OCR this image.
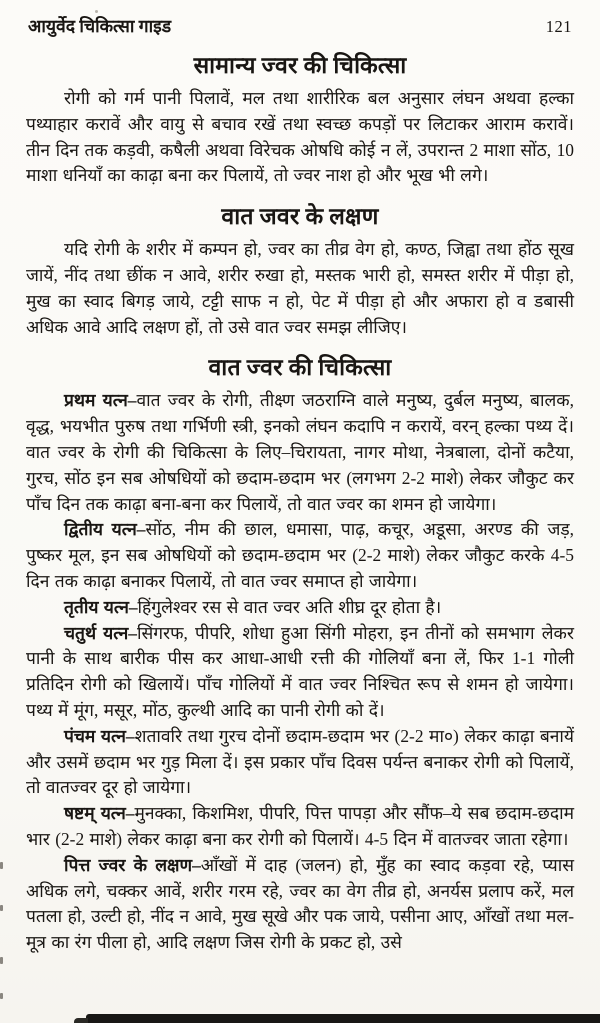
आयुर्वेद चिकित्सा गाइड	121
सामान्य ज्वर की चिकित्सा

रोगी को गर्म पानी पिलावें, मल तथा शारीरिक बल अनुसार लंघन अथवा हल्का पथ्याहार करावें और वायु से बचाव रखें तथा स्वच्छ कपड़ों पर लिटाकर आराम करावें। तीन दिन तक कड़वी, कषैली अथवा विरेचक ओषधि कोई न लें, उपरान्त 2 माशा सोंठ, 10 माशा धनियाँ का काढ़ा बना कर पिलायें, तो ज्वर नाश हो और भूख भी लगे।

वात जवर के लक्षण

यदि रोगी के शरीर में कम्पन हो, ज्वर का तीव्र वेग हो, कण्ठ, जिह्वा तथा होंठ सूख जायें, नींद तथा छींक न आवे, शरीर रुखा हो, मस्तक भारी हो, समस्त शरीर में पीड़ा हो, मुख का स्वाद बिगड़ जाये, टट्टी साफ न हो, पेट में पीड़ा हो और अफारा हो व डबासी अधिक आवे आदि लक्षण हों, तो उसे वात ज्वर समझ लीजिए।

वात ज्वर की चिकित्सा

प्रथम यत्न–वात ज्वर के रोगी, तीक्ष्ण जठराग्नि वाले मनुष्य, दुर्बल मनुष्य, बालक, वृद्ध, भयभीत पुरुष तथा गर्भिणी स्त्री, इनको लंघन कदापि न करायें, वरन् हल्का पथ्य दें। वात ज्वर के रोगी की चिकित्सा के लिए–चिरायता, नागर मोथा, नेत्रबाला, दोनों कटैया, गुरच, सोंठ इन सब ओषधियों को छदाम-छदाम भर (लगभग 2-2 माशे) लेकर जौकुट कर पाँच दिन तक काढ़ा बना-बना कर पिलायें, तो वात ज्वर का शमन हो जायेगा।

द्वितीय यत्न–सोंठ, नीम की छाल, धमासा, पाढ़, कचूर, अडूसा, अरण्ड की जड़, पुष्कर मूल, इन सब ओषधियों को छदाम-छदाम भर (2-2 माशे) लेकर जौकुट करके 4-5 दिन तक काढ़ा बनाकर पिलायें, तो वात ज्वर समाप्त हो जायेगा।

तृतीय यत्न–हिंगुलेश्वर रस से वात ज्वर अति शीघ्र दूर होता है।

चतुर्थ यत्न–सिंगरफ, पीपरि, शोधा हुआ सिंगी मोहरा, इन तीनों को समभाग लेकर पानी के साथ बारीक पीस कर आधा-आधी रत्ती की गोलियाँ बना लें, फिर 1-1 गोली प्रतिदिन रोगी को खिलायें। पाँच गोलियों में वात ज्वर निश्चित रूप से शमन हो जायेगा। पथ्य में मूंग, मसूर, मोंठ, कुल्थी आदि का पानी रोगी को दें।

पंचम यत्न–शतावरि तथा गुरच दोनों छदाम-छदाम भर (2-2 मा०) लेकर काढ़ा बनायें और उसमें छदाम भर गुड़ मिला दें। इस प्रकार पाँच दिवस पर्यन्त बनाकर रोगी को पिलायें, तो वातज्वर दूर हो जायेगा।

षष्टम् यत्न–मुनक्का, किशमिश, पीपरि, पित्त पापड़ा और सौंफ–ये सब छदाम-छदाम भार (2-2 माशे) लेकर काढ़ा बना कर रोगी को पिलायें। 4-5 दिन में वातज्वर जाता रहेगा।

पित्त ज्वर के लक्षण–आँखों में दाह (जलन) हो, मुँह का स्वाद कड़वा रहे, प्यास अधिक लगे, चक्कर आवें, शरीर गरम रहे, ज्वर का वेग तीव्र हो, अनर्यस प्रलाप करें, मल पतला हो, उल्टी हो, नींद न आवे, मुख सूखे और पक जाये, पसीना आए, आँखों तथा मल-मूत्र का रंग पीला हो, आदि लक्षण जिस रोगी के प्रकट हो, उसे
